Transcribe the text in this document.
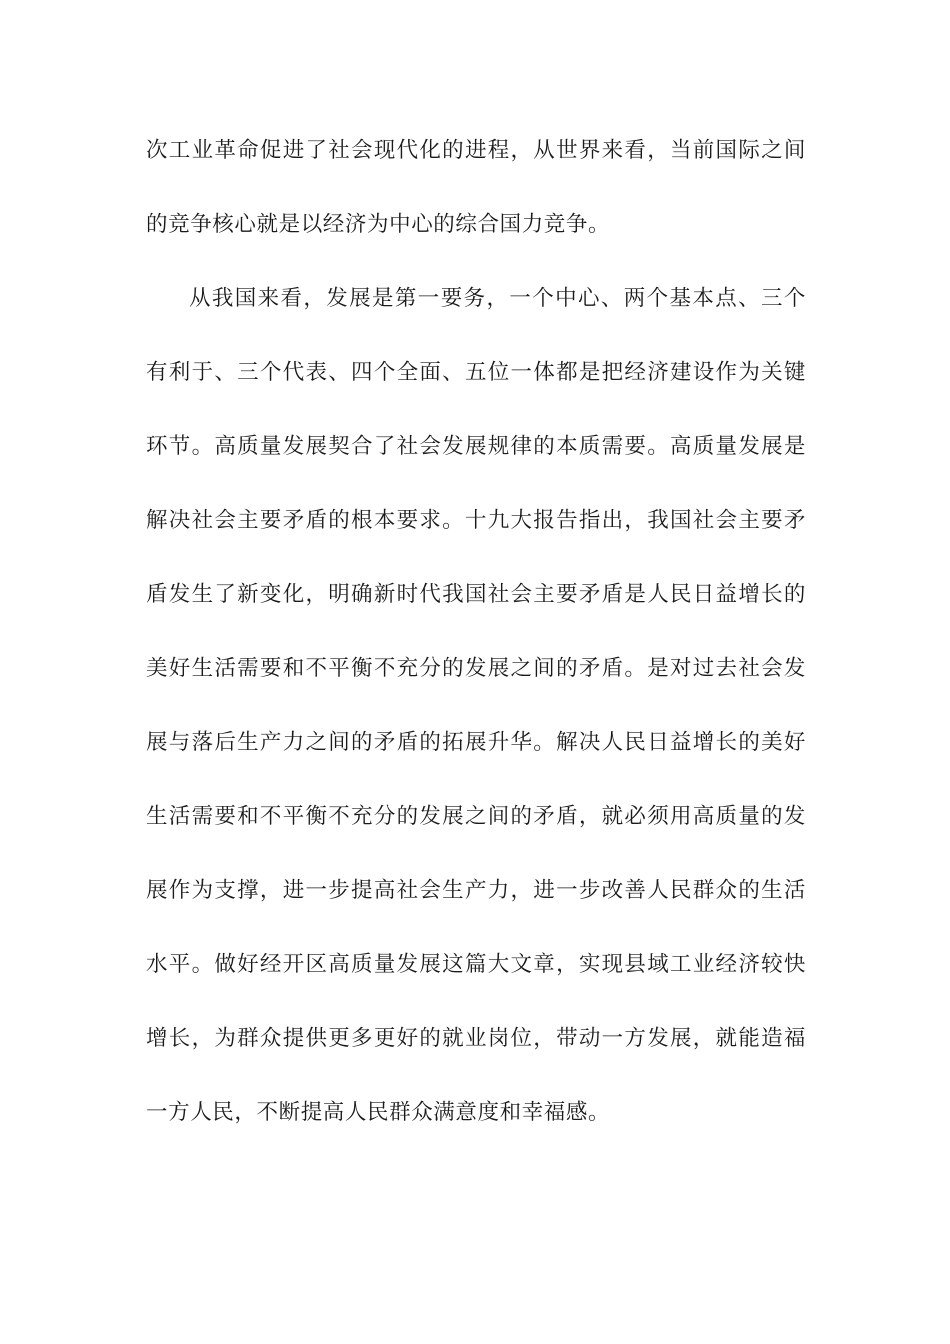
次工业革命促进了社会现代化的进程，从世界来看，当前国际之间
的竞争核心就是以经济为中心的综合国力竞争。
从我国来看，发展是第一要务，一个中心、两个基本点、三个
有利于、三个代表、四个全面、五位一体都是把经济建设作为关键
环节。高质量发展契合了社会发展规律的本质需要。高质量发展是
解决社会主要矛盾的根本要求。十九大报告指出，我国社会主要矛
盾发生了新变化，明确新时代我国社会主要矛盾是人民日益增长的
美好生活需要和不平衡不充分的发展之间的矛盾。是对过去社会发
展与落后生产力之间的矛盾的拓展升华。解决人民日益增长的美好
生活需要和不平衡不充分的发展之间的矛盾，就必须用高质量的发
展作为支撑，进一步提高社会生产力，进一步改善人民群众的生活
水平。做好经开区高质量发展这篇大文章，实现县域工业经济较快
增长，为群众提供更多更好的就业岗位，带动一方发展，就能造福
一方人民，不断提高人民群众满意度和幸福感。
